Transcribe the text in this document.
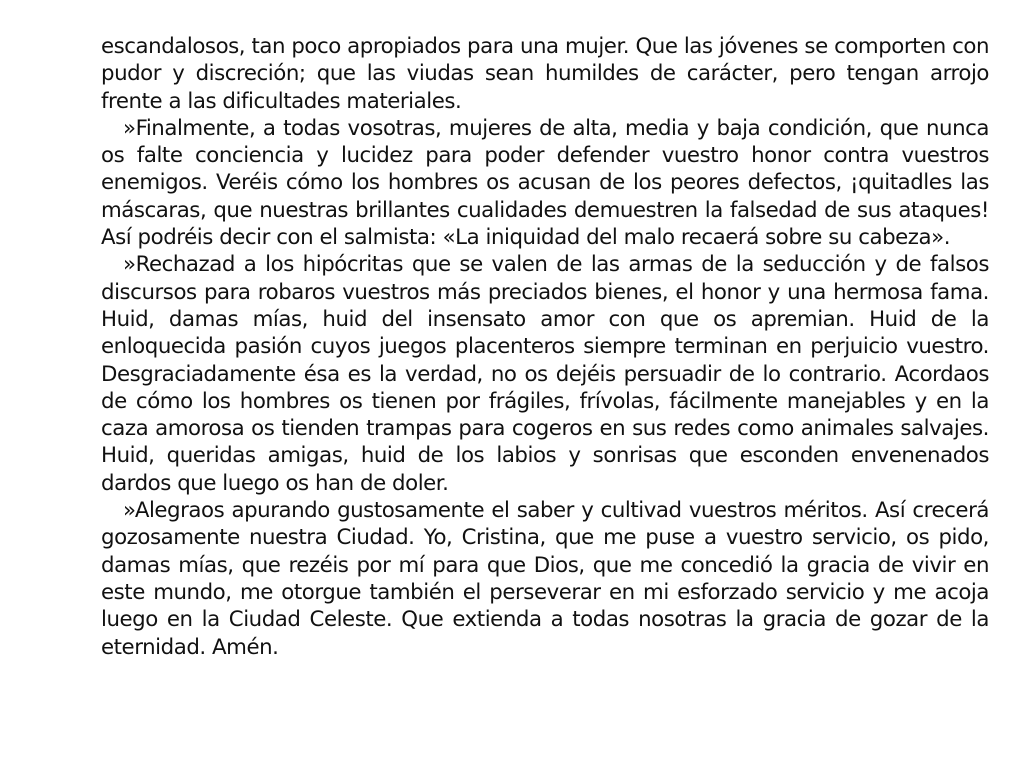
escandalosos, tan poco apropiados para una mujer. Que las jóvenes se comporten con pudor y discreción; que las viudas sean humildes de carácter, pero tengan arrojo frente a las dificultades materiales.

»Finalmente, a todas vosotras, mujeres de alta, media y baja condición, que nunca os falte conciencia y lucidez para poder defender vuestro honor contra vuestros enemigos. Veréis cómo los hombres os acusan de los peores defectos, ¡quitadles las máscaras, que nuestras brillantes cualidades demuestren la falsedad de sus ataques! Así podréis decir con el salmista: «La iniquidad del malo recaerá sobre su cabeza».

»Rechazad a los hipócritas que se valen de las armas de la seducción y de falsos discursos para robaros vuestros más preciados bienes, el honor y una hermosa fama. Huid, damas mías, huid del insensato amor con que os apremian. Huid de la enloquecida pasión cuyos juegos placenteros siempre terminan en perjuicio vuestro. Desgraciadamente ésa es la verdad, no os dejéis persuadir de lo contrario. Acordaos de cómo los hombres os tienen por frágiles, frívolas, fácilmente manejables y en la caza amorosa os tienden trampas para cogeros en sus redes como animales salvajes. Huid, queridas amigas, huid de los labios y sonrisas que esconden envenenados dardos que luego os han de doler.

»Alegraos apurando gustosamente el saber y cultivad vuestros méritos. Así crecerá gozosamente nuestra Ciudad. Yo, Cristina, que me puse a vuestro servicio, os pido, damas mías, que rezéis por mí para que Dios, que me concedió la gracia de vivir en este mundo, me otorgue también el perseverar en mi esforzado servicio y me acoja luego en la Ciudad Celeste. Que extienda a todas nosotras la gracia de gozar de la eternidad. Amén.
